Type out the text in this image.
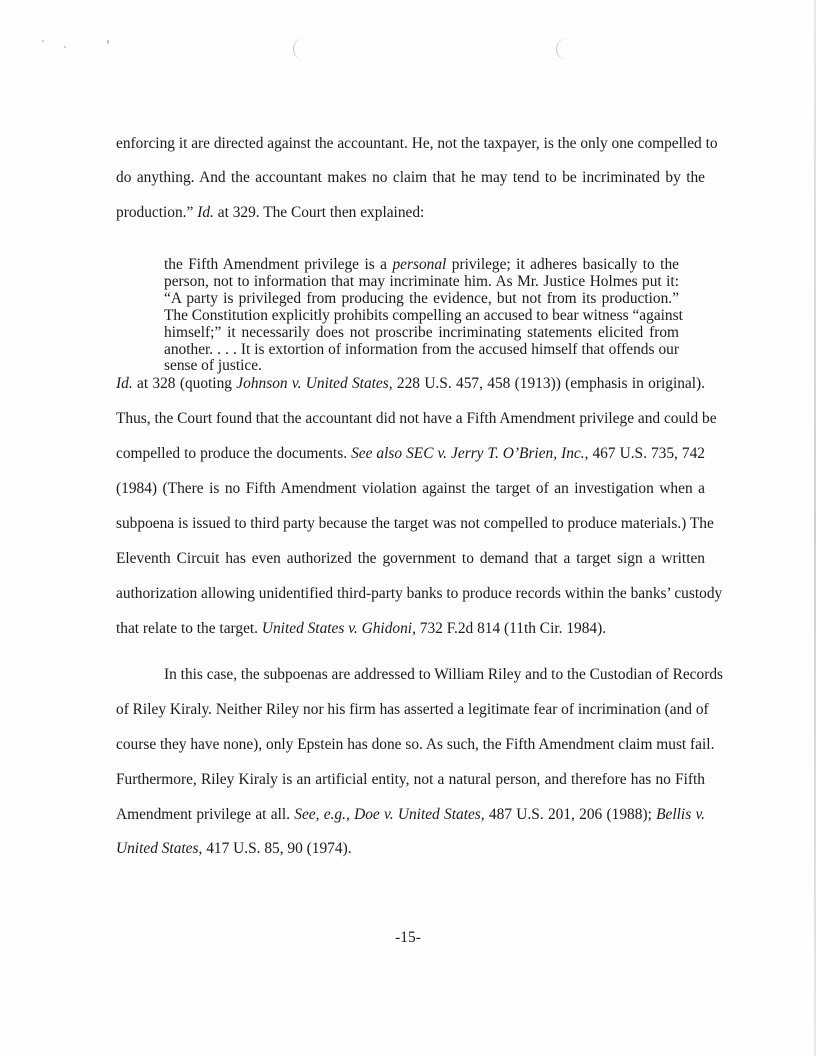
enforcing it are directed against the accountant. He, not the taxpayer, is the only one compelled to
do anything. And the accountant makes no claim that he may tend to be incriminated by the
production.” Id. at 329. The Court then explained:
the Fifth Amendment privilege is a personal privilege; it adheres basically to the
person, not to information that may incriminate him. As Mr. Justice Holmes put it:
“A party is privileged from producing the evidence, but not from its production.”
The Constitution explicitly prohibits compelling an accused to bear witness “against
himself;” it necessarily does not proscribe incriminating statements elicited from
another. . . . It is extortion of information from the accused himself that offends our
sense of justice.
Id. at 328 (quoting Johnson v. United States, 228 U.S. 457, 458 (1913)) (emphasis in original).
Thus, the Court found that the accountant did not have a Fifth Amendment privilege and could be
compelled to produce the documents. See also SEC v. Jerry T. O’Brien, Inc., 467 U.S. 735, 742
(1984) (There is no Fifth Amendment violation against the target of an investigation when a
subpoena is issued to third party because the target was not compelled to produce materials.) The
Eleventh Circuit has even authorized the government to demand that a target sign a written
authorization allowing unidentified third-party banks to produce records within the banks’ custody
that relate to the target. United States v. Ghidoni, 732 F.2d 814 (11th Cir. 1984).
In this case, the subpoenas are addressed to William Riley and to the Custodian of Records
of Riley Kiraly. Neither Riley nor his firm has asserted a legitimate fear of incrimination (and of
course they have none), only Epstein has done so. As such, the Fifth Amendment claim must fail.
Furthermore, Riley Kiraly is an artificial entity, not a natural person, and therefore has no Fifth
Amendment privilege at all. See, e.g., Doe v. United States, 487 U.S. 201, 206 (1988); Bellis v.
United States, 417 U.S. 85, 90 (1974).
-15-
